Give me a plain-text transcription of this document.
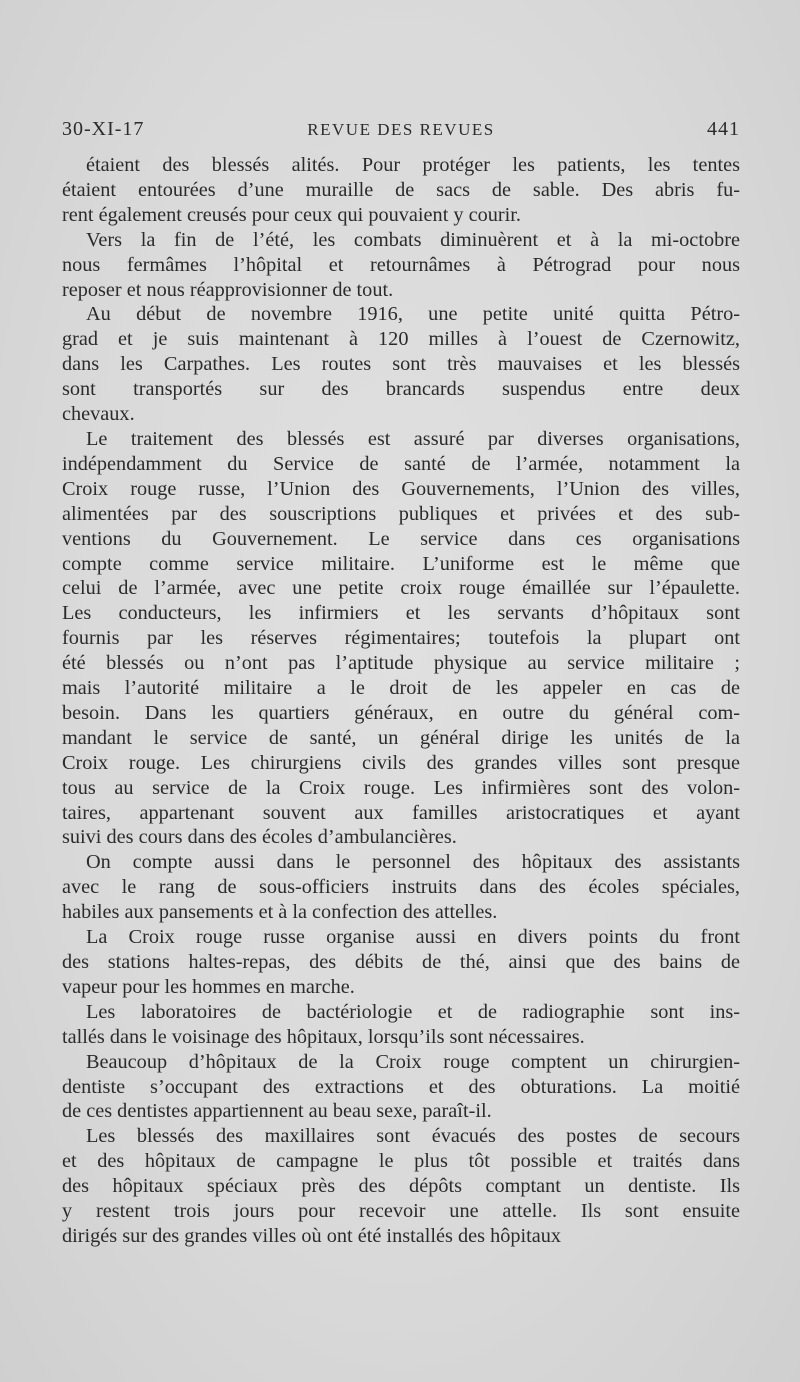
30-XI-17	REVUE DES REVUES	441

étaient des blessés alités. Pour protéger les patients, les tentes
étaient entourées d’une muraille de sacs de sable. Des abris fu-
rent également creusés pour ceux qui pouvaient y courir.

Vers la fin de l’été, les combats diminuèrent et à la mi-octobre
nous fermâmes l’hôpital et retournâmes à Pétrograd pour nous
reposer et nous réapprovisionner de tout.

Au début de novembre 1916, une petite unité quitta Pétro-
grad et je suis maintenant à 120 milles à l’ouest de Czernowitz,
dans les Carpathes. Les routes sont très mauvaises et les blessés
sont transportés sur des brancards suspendus entre deux
chevaux.

Le traitement des blessés est assuré par diverses organisations,
indépendamment du Service de santé de l’armée, notamment la
Croix rouge russe, l’Union des Gouvernements, l’Union des villes,
alimentées par des souscriptions publiques et privées et des sub-
ventions du Gouvernement. Le service dans ces organisations
compte comme service militaire. L’uniforme est le même que
celui de l’armée, avec une petite croix rouge émaillée sur l’épaulette.
Les conducteurs, les infirmiers et les servants d’hôpitaux sont
fournis par les réserves régimentaires; toutefois la plupart ont
été blessés ou n’ont pas l’aptitude physique au service militaire ;
mais l’autorité militaire a le droit de les appeler en cas de
besoin. Dans les quartiers généraux, en outre du général com-
mandant le service de santé, un général dirige les unités de la
Croix rouge. Les chirurgiens civils des grandes villes sont presque
tous au service de la Croix rouge. Les infirmières sont des volon-
taires, appartenant souvent aux familles aristocratiques et ayant
suivi des cours dans des écoles d’ambulancières.

On compte aussi dans le personnel des hôpitaux des assistants
avec le rang de sous-officiers instruits dans des écoles spéciales,
habiles aux pansements et à la confection des attelles.

La Croix rouge russe organise aussi en divers points du front
des stations haltes-repas, des débits de thé, ainsi que des bains de
vapeur pour les hommes en marche.

Les laboratoires de bactériologie et de radiographie sont ins-
tallés dans le voisinage des hôpitaux, lorsqu’ils sont nécessaires.

Beaucoup d’hôpitaux de la Croix rouge comptent un chirurgien-
dentiste s’occupant des extractions et des obturations. La moitié
de ces dentistes appartiennent au beau sexe, paraît-il.

Les blessés des maxillaires sont évacués des postes de secours
et des hôpitaux de campagne le plus tôt possible et traités dans
des hôpitaux spéciaux près des dépôts comptant un dentiste. Ils
y restent trois jours pour recevoir une attelle. Ils sont ensuite
dirigés sur des grandes villes où ont été installés des hôpitaux
